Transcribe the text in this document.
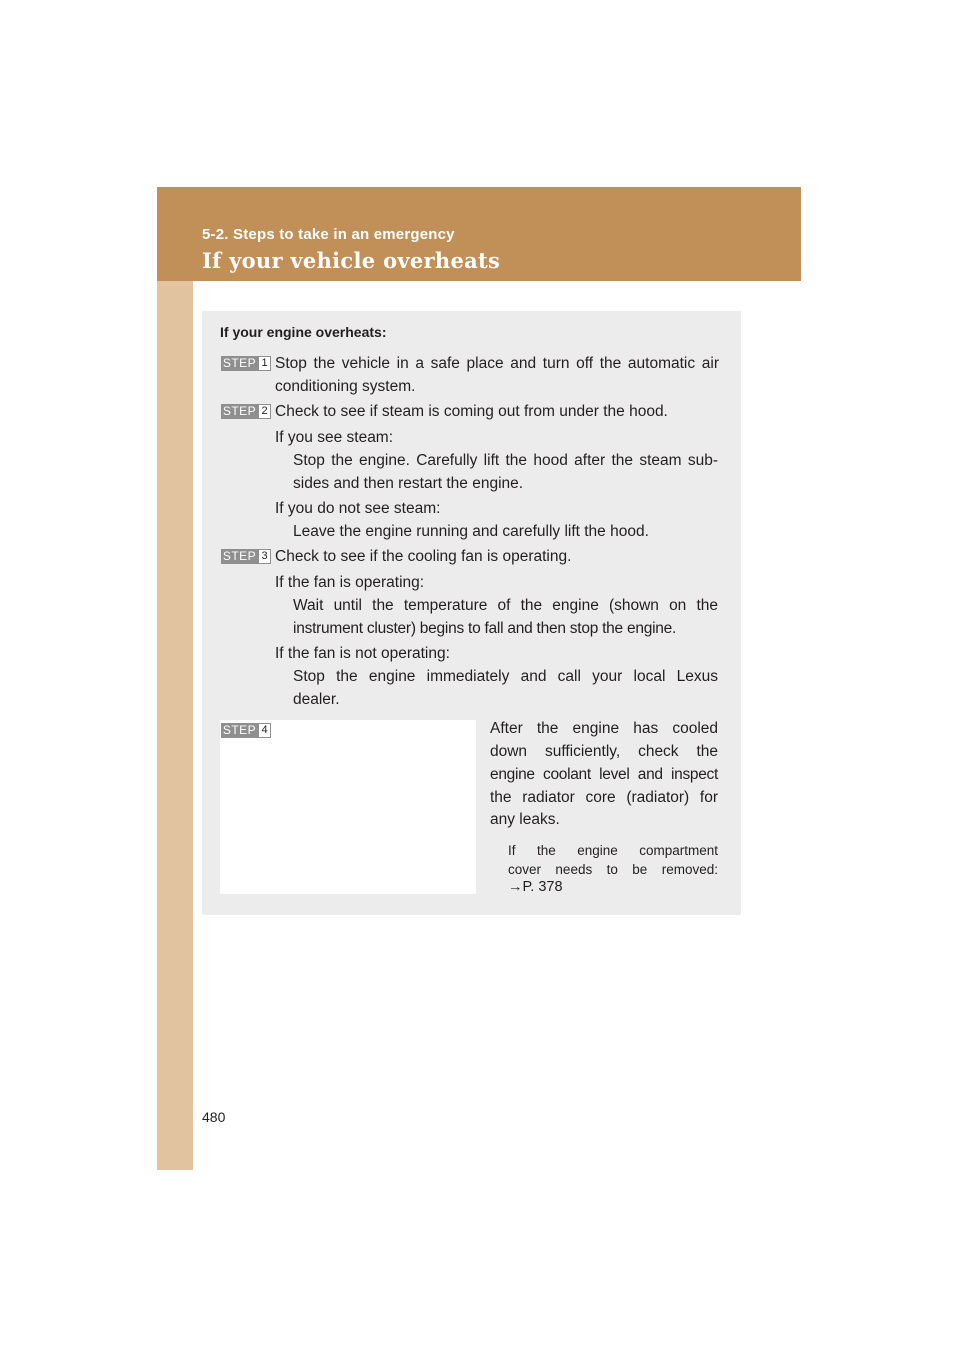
5-2. Steps to take in an emergency
If your vehicle overheats
If your engine overheats:
STEP 1 Stop the vehicle in a safe place and turn off the automatic air
conditioning system.
STEP 2 Check to see if steam is coming out from under the hood.
If you see steam:
Stop the engine. Carefully lift the hood after the steam sub-
sides and then restart the engine.
If you do not see steam:
Leave the engine running and carefully lift the hood.
STEP 3 Check to see if the cooling fan is operating.
If the fan is operating:
Wait until the temperature of the engine (shown on the
instrument cluster) begins to fall and then stop the engine.
If the fan is not operating:
Stop the engine immediately and call your local Lexus
dealer.
STEP 4	After the engine has cooled
down sufficiently, check the
engine coolant level and inspect
the radiator core (radiator) for
any leaks.
If the engine compartment
cover needs to be removed:
→P. 378
480
